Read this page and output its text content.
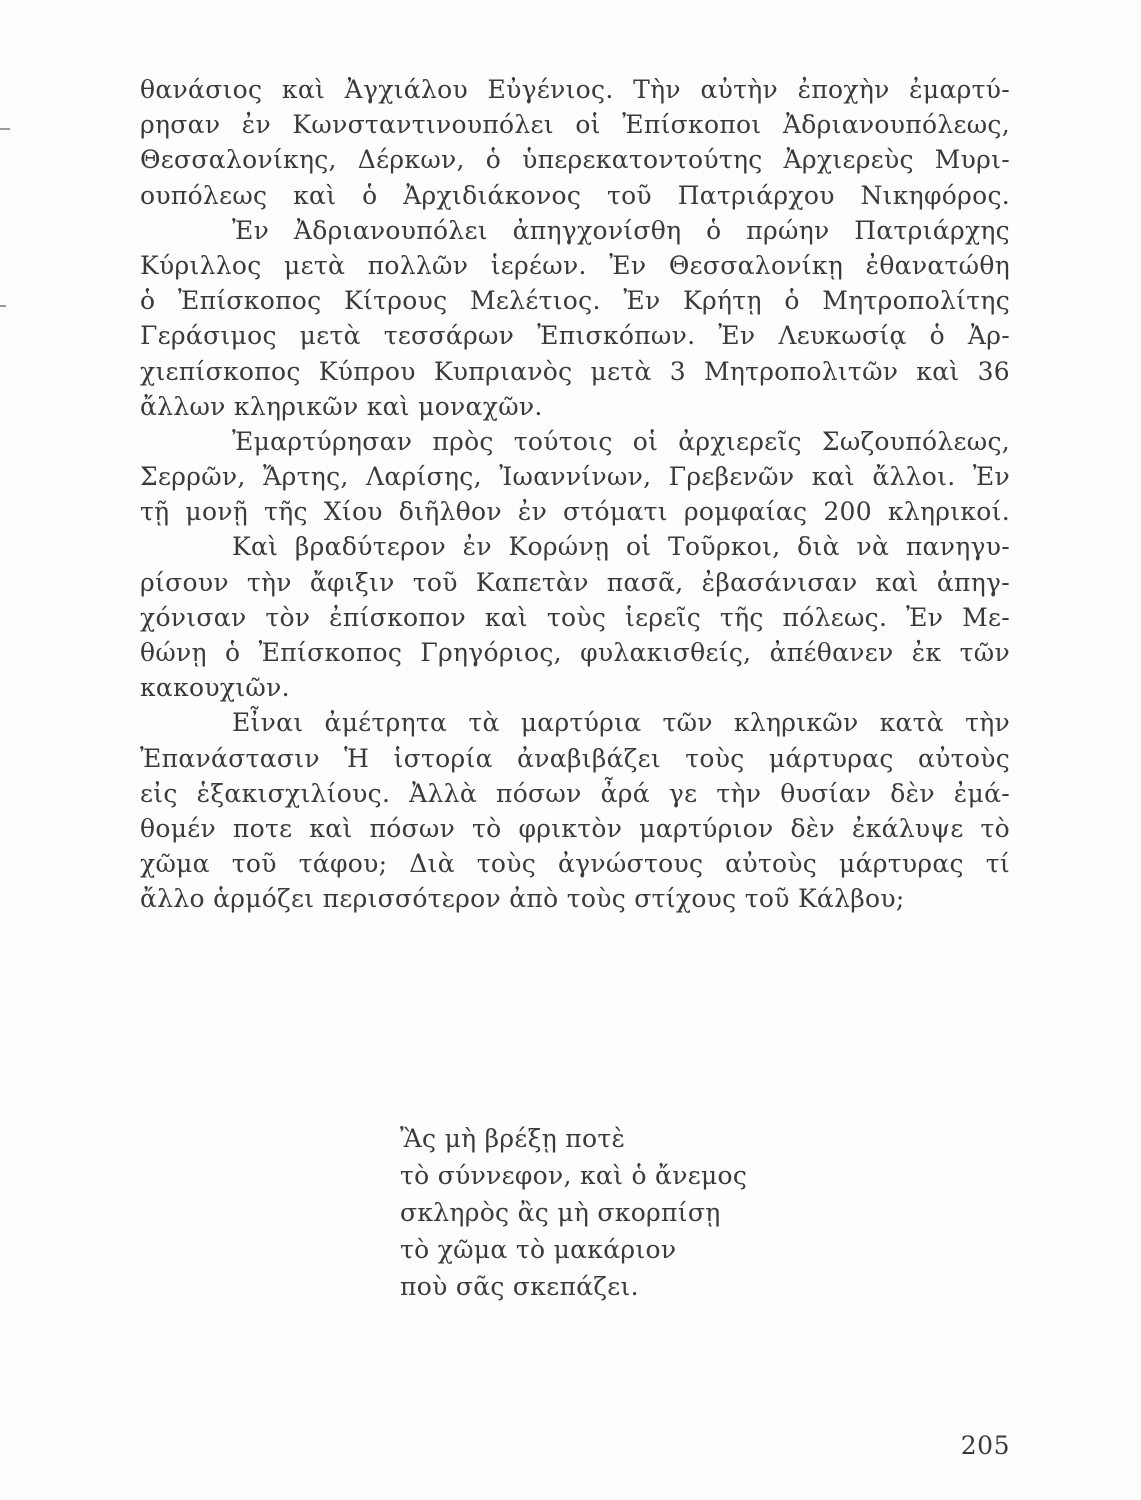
θανάσιος καὶ Ἀγχιάλου Εὐγένιος. Τὴν αὐτὴν ἐποχὴν ἐμαρτύ-
ρησαν ἐν Κωνσταντινουπόλει οἱ Ἐπίσκοποι Ἀδριανουπόλεως,
Θεσσαλονίκης, Δέρκων, ὁ ὑπερεκατοντούτης Ἀρχιερεὺς Μυρι-
ουπόλεως καὶ ὁ Ἀρχιδιάκονος τοῦ Πατριάρχου Νικηφόρος.
Ἐν Ἀδριανουπόλει ἀπηγχονίσθη ὁ πρώην Πατριάρχης
Κύριλλος μετὰ πολλῶν ἱερέων. Ἐν Θεσσαλονίκῃ ἐθανατώθη
ὁ Ἐπίσκοπος Κίτρους Μελέτιος. Ἐν Κρήτῃ ὁ Μητροπολίτης
Γεράσιμος μετὰ τεσσάρων Ἐπισκόπων. Ἐν Λευκωσίᾳ ὁ Ἀρ-
χιεπίσκοπος Κύπρου Κυπριανὸς μετὰ 3 Μητροπολιτῶν καὶ 36
ἄλλων κληρικῶν καὶ μοναχῶν.
Ἐμαρτύρησαν πρὸς τούτοις οἱ ἀρχιερεῖς Σωζουπόλεως,
Σερρῶν, Ἄρτης, Λαρίσης, Ἰωαννίνων, Γρεβενῶν καὶ ἄλλοι. Ἐν
τῇ μονῇ τῆς Χίου διῆλθον ἐν στόματι ρομφαίας 200 κληρικοί.
Καὶ βραδύτερον ἐν Κορώνῃ οἱ Τοῦρκοι, διὰ νὰ πανηγυ-
ρίσουν τὴν ἄφιξιν τοῦ Καπετὰν πασᾶ, ἐβασάνισαν καὶ ἀπηγ-
χόνισαν τὸν ἐπίσκοπον καὶ τοὺς ἱερεῖς τῆς πόλεως. Ἐν Με-
θώνῃ ὁ Ἐπίσκοπος Γρηγόριος, φυλακισθείς, ἀπέθανεν ἐκ τῶν
κακουχιῶν.
Εἶναι ἀμέτρητα τὰ μαρτύρια τῶν κληρικῶν κατὰ τὴν
Ἐπανάστασιν Ἡ ἱστορία ἀναβιβάζει τοὺς μάρτυρας αὐτοὺς
εἰς ἑξακισχιλίους. Ἀλλὰ πόσων ἆρά γε τὴν θυσίαν δὲν ἐμά-
θομέν ποτε καὶ πόσων τὸ φρικτὸν μαρτύριον δὲν ἐκάλυψε τὸ
χῶμα τοῦ τάφου; Διὰ τοὺς ἀγνώστους αὐτοὺς μάρτυρας τί
ἄλλο ἁρμόζει περισσότερον ἀπὸ τοὺς στίχους τοῦ Κάλβου;
Ἂς μὴ βρέξῃ ποτὲ
τὸ σύννεφον, καὶ ὁ ἄνεμος
σκληρὸς ἂς μὴ σκορπίσῃ
τὸ χῶμα τὸ μακάριον
ποὺ σᾶς σκεπάζει.
205
